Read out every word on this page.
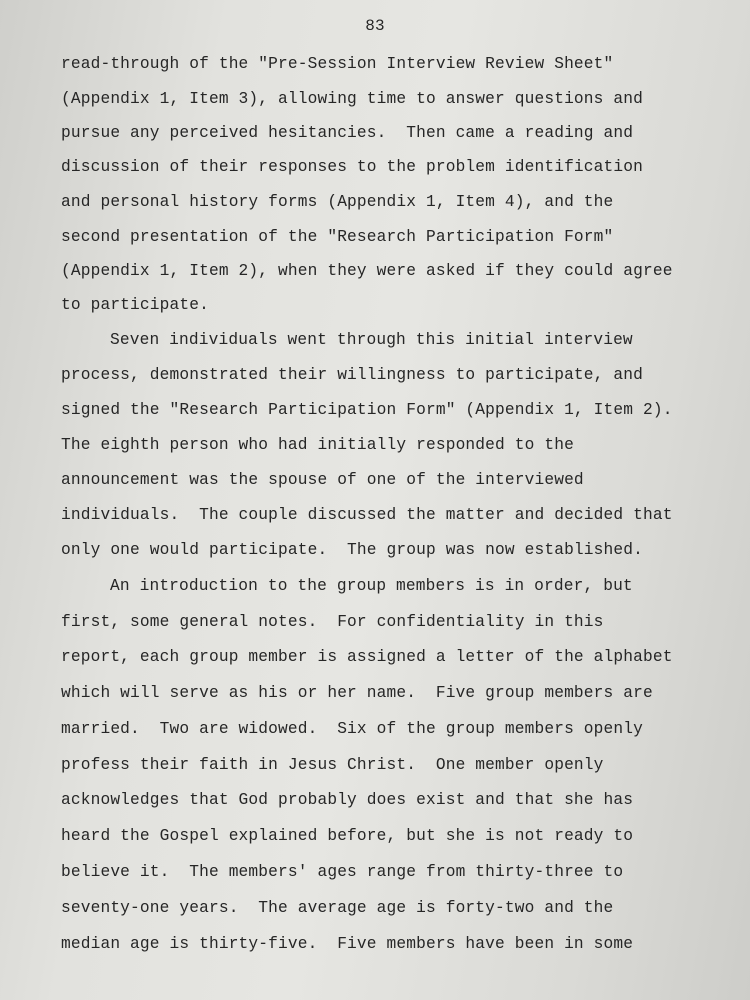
83
read-through of the "Pre-Session Interview Review Sheet"
(Appendix 1, Item 3), allowing time to answer questions and
pursue any perceived hesitancies.  Then came a reading and
discussion of their responses to the problem identification
and personal history forms (Appendix 1, Item 4), and the
second presentation of the "Research Participation Form"
(Appendix 1, Item 2), when they were asked if they could agree
to participate.
Seven individuals went through this initial interview
process, demonstrated their willingness to participate, and
signed the "Research Participation Form" (Appendix 1, Item 2).
The eighth person who had initially responded to the
announcement was the spouse of one of the interviewed
individuals.  The couple discussed the matter and decided that
only one would participate.  The group was now established.
An introduction to the group members is in order, but
first, some general notes.  For confidentiality in this
report, each group member is assigned a letter of the alphabet
which will serve as his or her name.  Five group members are
married.  Two are widowed.  Six of the group members openly
profess their faith in Jesus Christ.  One member openly
acknowledges that God probably does exist and that she has
heard the Gospel explained before, but she is not ready to
believe it.  The members' ages range from thirty-three to
seventy-one years.  The average age is forty-two and the
median age is thirty-five.  Five members have been in some
